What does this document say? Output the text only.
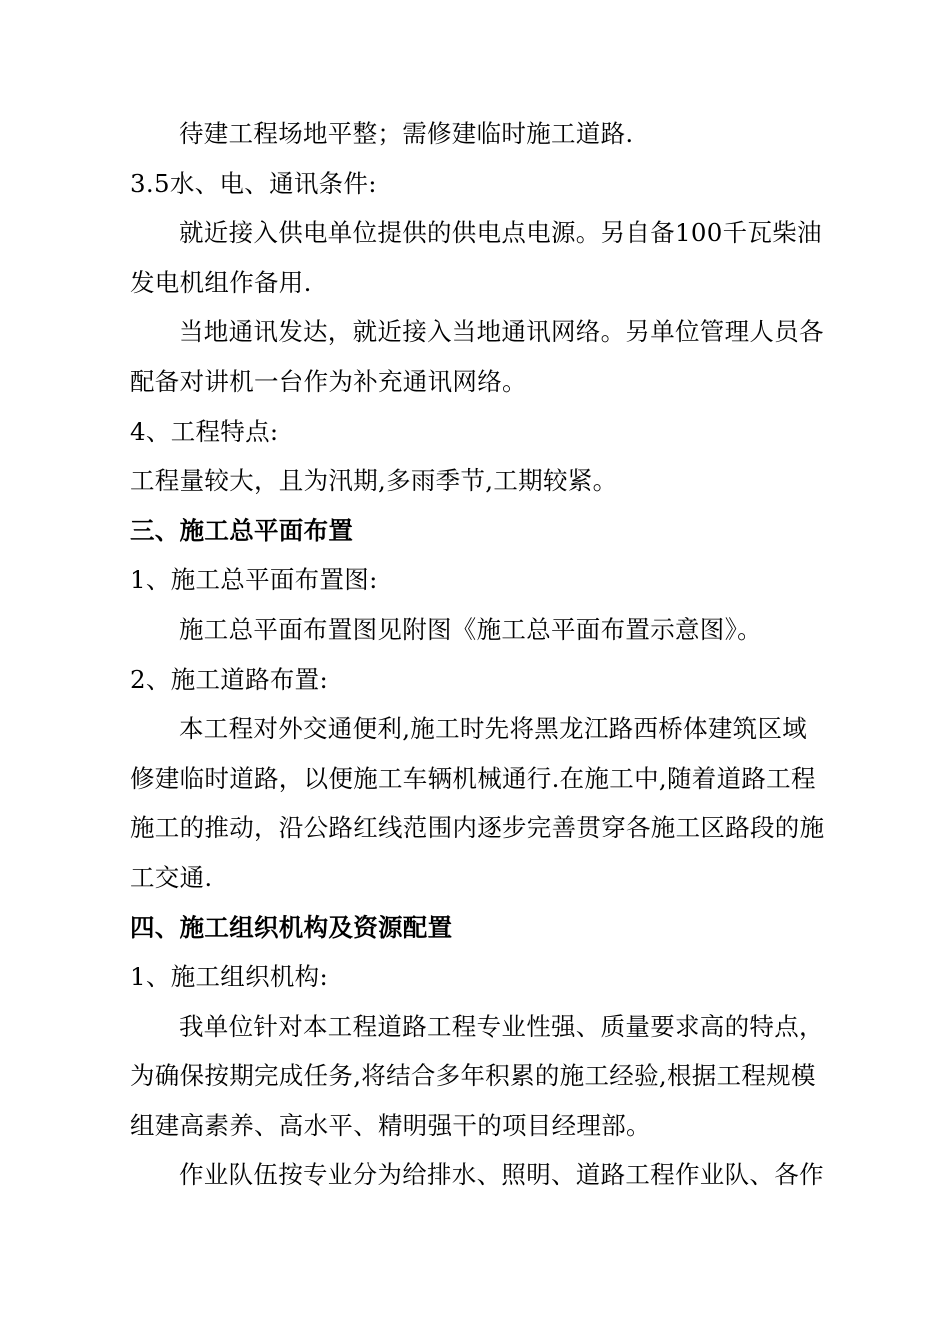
待建工程场地平整；需修建临时施工道路.

3.5水、电、通讯条件:

就近接入供电单位提供的供电点电源。另自备100千瓦柴油

发电机组作备用.

当地通讯发达，就近接入当地通讯网络。另单位管理人员各

配备对讲机一台作为补充通讯网络。

4、工程特点:

工程量较大，且为汛期,多雨季节,工期较紧。

三、施工总平面布置

1、施工总平面布置图:

施工总平面布置图见附图《施工总平面布置示意图》。

2、施工道路布置:

本工程对外交通便利,施工时先将黑龙江路西桥体建筑区域

修建临时道路，以便施工车辆机械通行.在施工中,随着道路工程

施工的推动，沿公路红线范围内逐步完善贯穿各施工区路段的施

工交通.

四、施工组织机构及资源配置

1、施工组织机构:

我单位针对本工程道路工程专业性强、质量要求高的特点，

为确保按期完成任务,将结合多年积累的施工经验,根据工程规模

组建高素养、高水平、精明强干的项目经理部。

作业队伍按专业分为给排水、照明、道路工程作业队、各作
